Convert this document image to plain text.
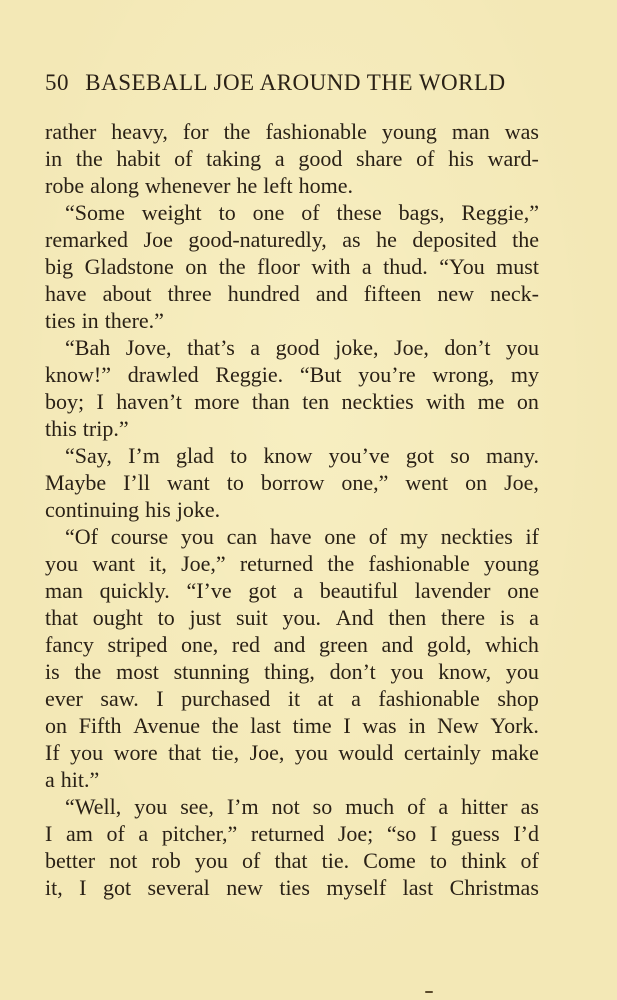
50 BASEBALL JOE AROUND THE WORLD
rather heavy, for the fashionable young man was
in the habit of taking a good share of his ward-
robe along whenever he left home.
“Some weight to one of these bags, Reggie,”
remarked Joe good-naturedly, as he deposited the
big Gladstone on the floor with a thud. “You must
have about three hundred and fifteen new neck-
ties in there.”
“Bah Jove, that’s a good joke, Joe, don’t you
know!” drawled Reggie. “But you’re wrong, my
boy; I haven’t more than ten neckties with me on
this trip.”
“Say, I’m glad to know you’ve got so many.
Maybe I’ll want to borrow one,” went on Joe,
continuing his joke.
“Of course you can have one of my neckties if
you want it, Joe,” returned the fashionable young
man quickly. “I’ve got a beautiful lavender one
that ought to just suit you. And then there is a
fancy striped one, red and green and gold, which
is the most stunning thing, don’t you know, you
ever saw. I purchased it at a fashionable shop
on Fifth Avenue the last time I was in New York.
If you wore that tie, Joe, you would certainly make
a hit.”
“Well, you see, I’m not so much of a hitter as
I am of a pitcher,” returned Joe; “so I guess I’d
better not rob you of that tie. Come to think of
it, I got several new ties myself last Christmas
